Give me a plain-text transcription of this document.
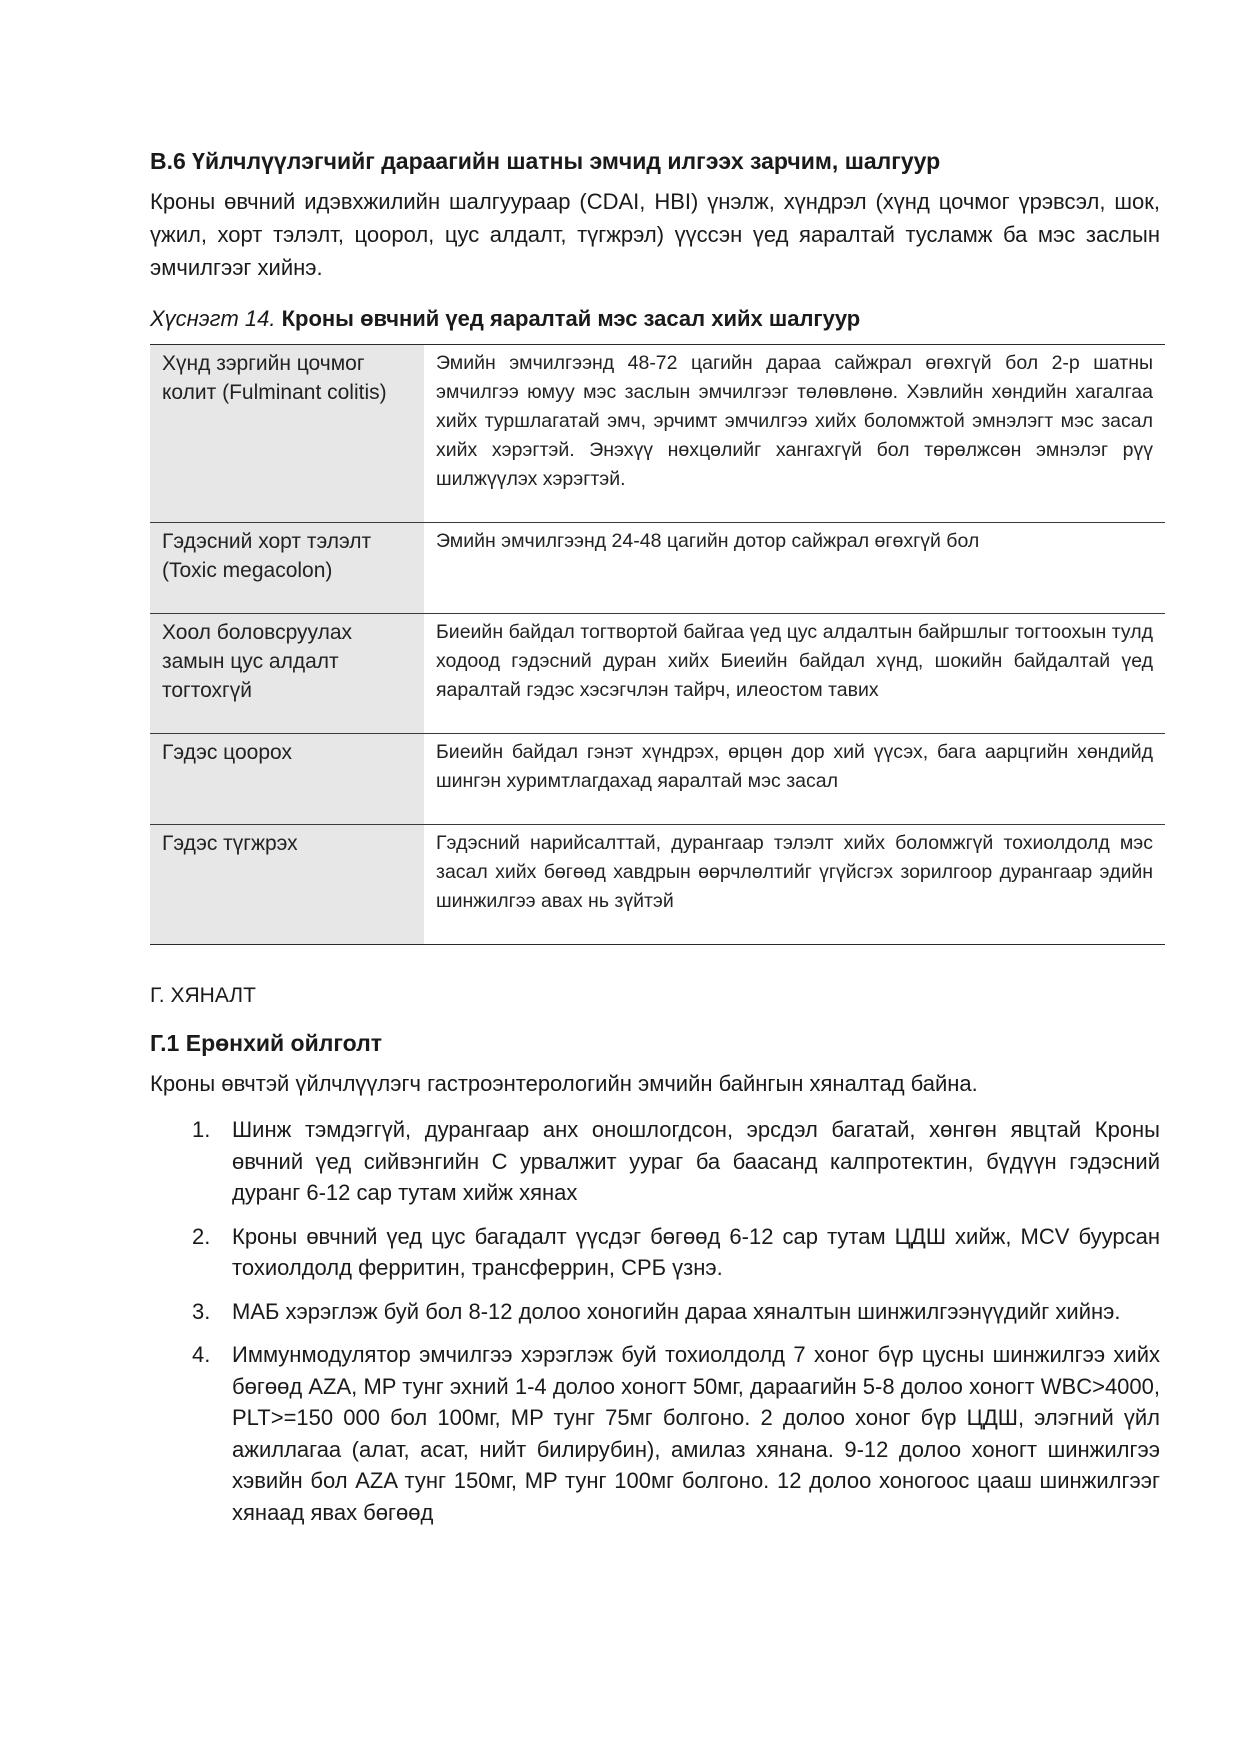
В.6 Үйлчлүүлэгчийг дараагийн шатны эмчид илгээх зарчим, шалгуур

Кроны өвчний идэвхжилийн шалгуураар (CDAI, HBI) үнэлж, хүндрэл (хүнд цочмог үрэвсэл, шок, үжил, хорт тэлэлт, цоорол, цус алдалт, түгжрэл) үүссэн үед яаралтай тусламж ба мэс заслын эмчилгээг хийнэ.

Хүснэгт 14. Кроны өвчний үед яаралтай мэс засал хийх шалгуур

Хүнд зэргийн цочмог колит (Fulminant colitis)	Эмийн эмчилгээнд 48-72 цагийн дараа сайжрал өгөхгүй бол 2-р шатны эмчилгээ юмуу мэс заслын эмчилгээг төлөвлөнө. Хэвлийн хөндийн хагалгаа хийх туршлагатай эмч, эрчимт эмчилгээ хийх боломжтой эмнэлэгт мэс засал хийх хэрэгтэй. Энэхүү нөхцөлийг хангахгүй бол төрөлжсөн эмнэлэг рүү шилжүүлэх хэрэгтэй.
Гэдэсний хорт тэлэлт (Toxic megacolon)	Эмийн эмчилгээнд 24-48 цагийн дотор сайжрал өгөхгүй бол
Хоол боловсруулах замын цус алдалт тогтохгүй	Биеийн байдал тогтвортой байгаа үед цус алдалтын байршлыг тогтоохын тулд ходоод гэдэсний дуран хийх Биеийн байдал хүнд, шокийн байдалтай үед яаралтай гэдэс хэсэгчлэн тайрч, илеостом тавих
Гэдэс цоорох	Биеийн байдал гэнэт хүндрэх, өрцөн дор хий үүсэх, бага аарцгийн хөндийд шингэн хуримтлагдахад яаралтай мэс засал
Гэдэс түгжрэх	Гэдэсний нарийсалттай, дурангаар тэлэлт хийх боломжгүй тохиолдолд мэс засал хийх бөгөөд хавдрын өөрчлөлтийг үгүйсгэх зорилгоор дурангаар эдийн шинжилгээ авах нь зүйтэй

Г. ХЯНАЛТ

Г.1 Ерөнхий ойлголт

Кроны өвчтэй үйлчлүүлэгч гастроэнтерологийн эмчийн байнгын хяналтад байна.

1. Шинж тэмдэггүй, дурангаар анх оношлогдсон, эрсдэл багатай, хөнгөн явцтай Кроны өвчний үед сийвэнгийн С урвалжит уураг ба баасанд калпротектин, бүдүүн гэдэсний дуранг 6-12 сар тутам хийж хянах
2. Кроны өвчний үед цус багадалт үүсдэг бөгөөд 6-12 сар тутам ЦДШ хийж, MCV буурсан тохиолдолд ферритин, трансферрин, СРБ үзнэ.
3. МАБ хэрэглэж буй бол 8-12 долоо хоногийн дараа хяналтын шинжилгээнүүдийг хийнэ.
4. Иммунмодулятор эмчилгээ хэрэглэж буй тохиолдолд 7 хоног бүр цусны шинжилгээ хийх бөгөөд AZA, MP тунг эхний 1-4 долоо хоногт 50мг, дараагийн 5-8 долоо хоногт WBC>4000, PLT>=150 000 бол 100мг, MP тунг 75мг болгоно. 2 долоо хоног бүр ЦДШ, элэгний үйл ажиллагаа (алат, асат, нийт билирубин), амилаз хянана. 9-12 долоо хоногт шинжилгээ хэвийн бол AZA тунг 150мг, MP тунг 100мг болгоно. 12 долоо хоногоос цааш шинжилгээг хянаад явах бөгөөд
